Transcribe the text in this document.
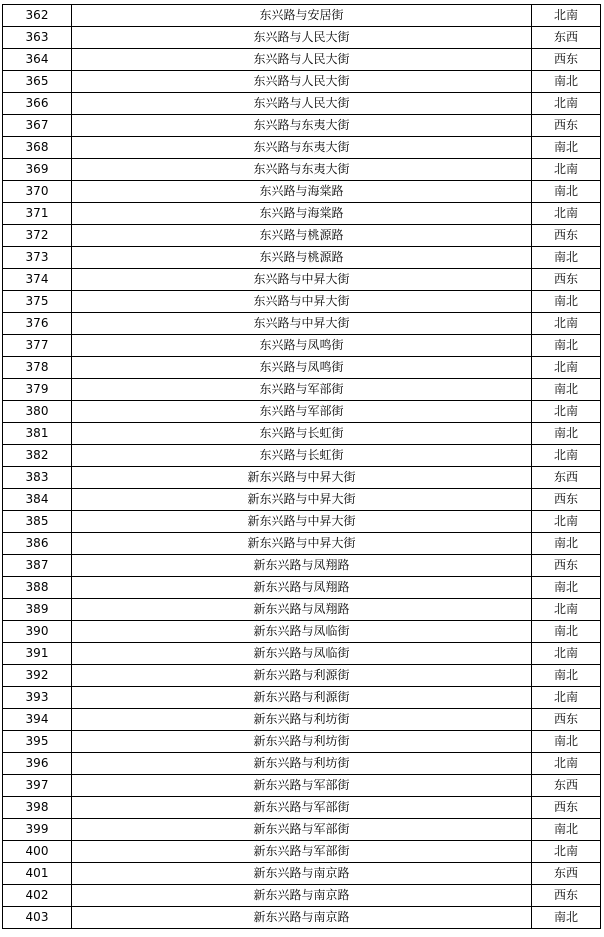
362	东兴路与安居街	北南
363	东兴路与人民大街	东西
364	东兴路与人民大街	西东
365	东兴路与人民大街	南北
366	东兴路与人民大街	北南
367	东兴路与东夷大街	西东
368	东兴路与东夷大街	南北
369	东兴路与东夷大街	北南
370	东兴路与海棠路	南北
371	东兴路与海棠路	北南
372	东兴路与桃源路	西东
373	东兴路与桃源路	南北
374	东兴路与中昇大街	西东
375	东兴路与中昇大街	南北
376	东兴路与中昇大街	北南
377	东兴路与凤鸣街	南北
378	东兴路与凤鸣街	北南
379	东兴路与军部街	南北
380	东兴路与军部街	北南
381	东兴路与长虹街	南北
382	东兴路与长虹街	北南
383	新东兴路与中昇大街	东西
384	新东兴路与中昇大街	西东
385	新东兴路与中昇大街	北南
386	新东兴路与中昇大街	南北
387	新东兴路与凤翔路	西东
388	新东兴路与凤翔路	南北
389	新东兴路与凤翔路	北南
390	新东兴路与凤临街	南北
391	新东兴路与凤临街	北南
392	新东兴路与利源街	南北
393	新东兴路与利源街	北南
394	新东兴路与利坊街	西东
395	新东兴路与利坊街	南北
396	新东兴路与利坊街	北南
397	新东兴路与军部街	东西
398	新东兴路与军部街	西东
399	新东兴路与军部街	南北
400	新东兴路与军部街	北南
401	新东兴路与南京路	东西
402	新东兴路与南京路	西东
403	新东兴路与南京路	南北
